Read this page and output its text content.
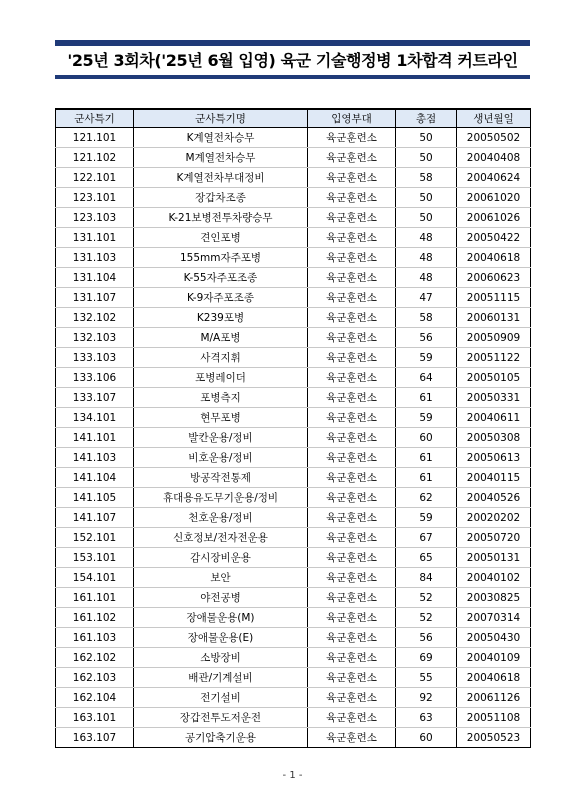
'25년 3회차('25년 6월 입영) 육군 기술행정병 1차합격 커트라인
군사특기	군사특기명	입영부대	총점	생년월일
121.101	K계열전차승무	육군훈련소	50	20050502
121.102	M계열전차승무	육군훈련소	50	20040408
122.101	K계열전차부대정비	육군훈련소	58	20040624
123.101	장갑차조종	육군훈련소	50	20061020
123.103	K-21보병전투차량승무	육군훈련소	50	20061026
131.101	견인포병	육군훈련소	48	20050422
131.103	155mm자주포병	육군훈련소	48	20040618
131.104	K-55자주포조종	육군훈련소	48	20060623
131.107	K-9자주포조종	육군훈련소	47	20051115
132.102	K239포병	육군훈련소	58	20060131
132.103	M/A포병	육군훈련소	56	20050909
133.103	사격지휘	육군훈련소	59	20051122
133.106	포병레이더	육군훈련소	64	20050105
133.107	포병측지	육군훈련소	61	20050331
134.101	현무포병	육군훈련소	59	20040611
141.101	발칸운용/정비	육군훈련소	60	20050308
141.103	비호운용/정비	육군훈련소	61	20050613
141.104	방공작전통제	육군훈련소	61	20040115
141.105	휴대용유도무기운용/정비	육군훈련소	62	20040526
141.107	천호운용/정비	육군훈련소	59	20020202
152.101	신호정보/전자전운용	육군훈련소	67	20050720
153.101	감시장비운용	육군훈련소	65	20050131
154.101	보안	육군훈련소	84	20040102
161.101	야전공병	육군훈련소	52	20030825
161.102	장애물운용(M)	육군훈련소	52	20070314
161.103	장애물운용(E)	육군훈련소	56	20050430
162.102	소방장비	육군훈련소	69	20040109
162.103	배관/기계설비	육군훈련소	55	20040618
162.104	전기설비	육군훈련소	92	20061126
163.101	장갑전투도저운전	육군훈련소	63	20051108
163.107	공기압축기운용	육군훈련소	60	20050523
- 1 -
